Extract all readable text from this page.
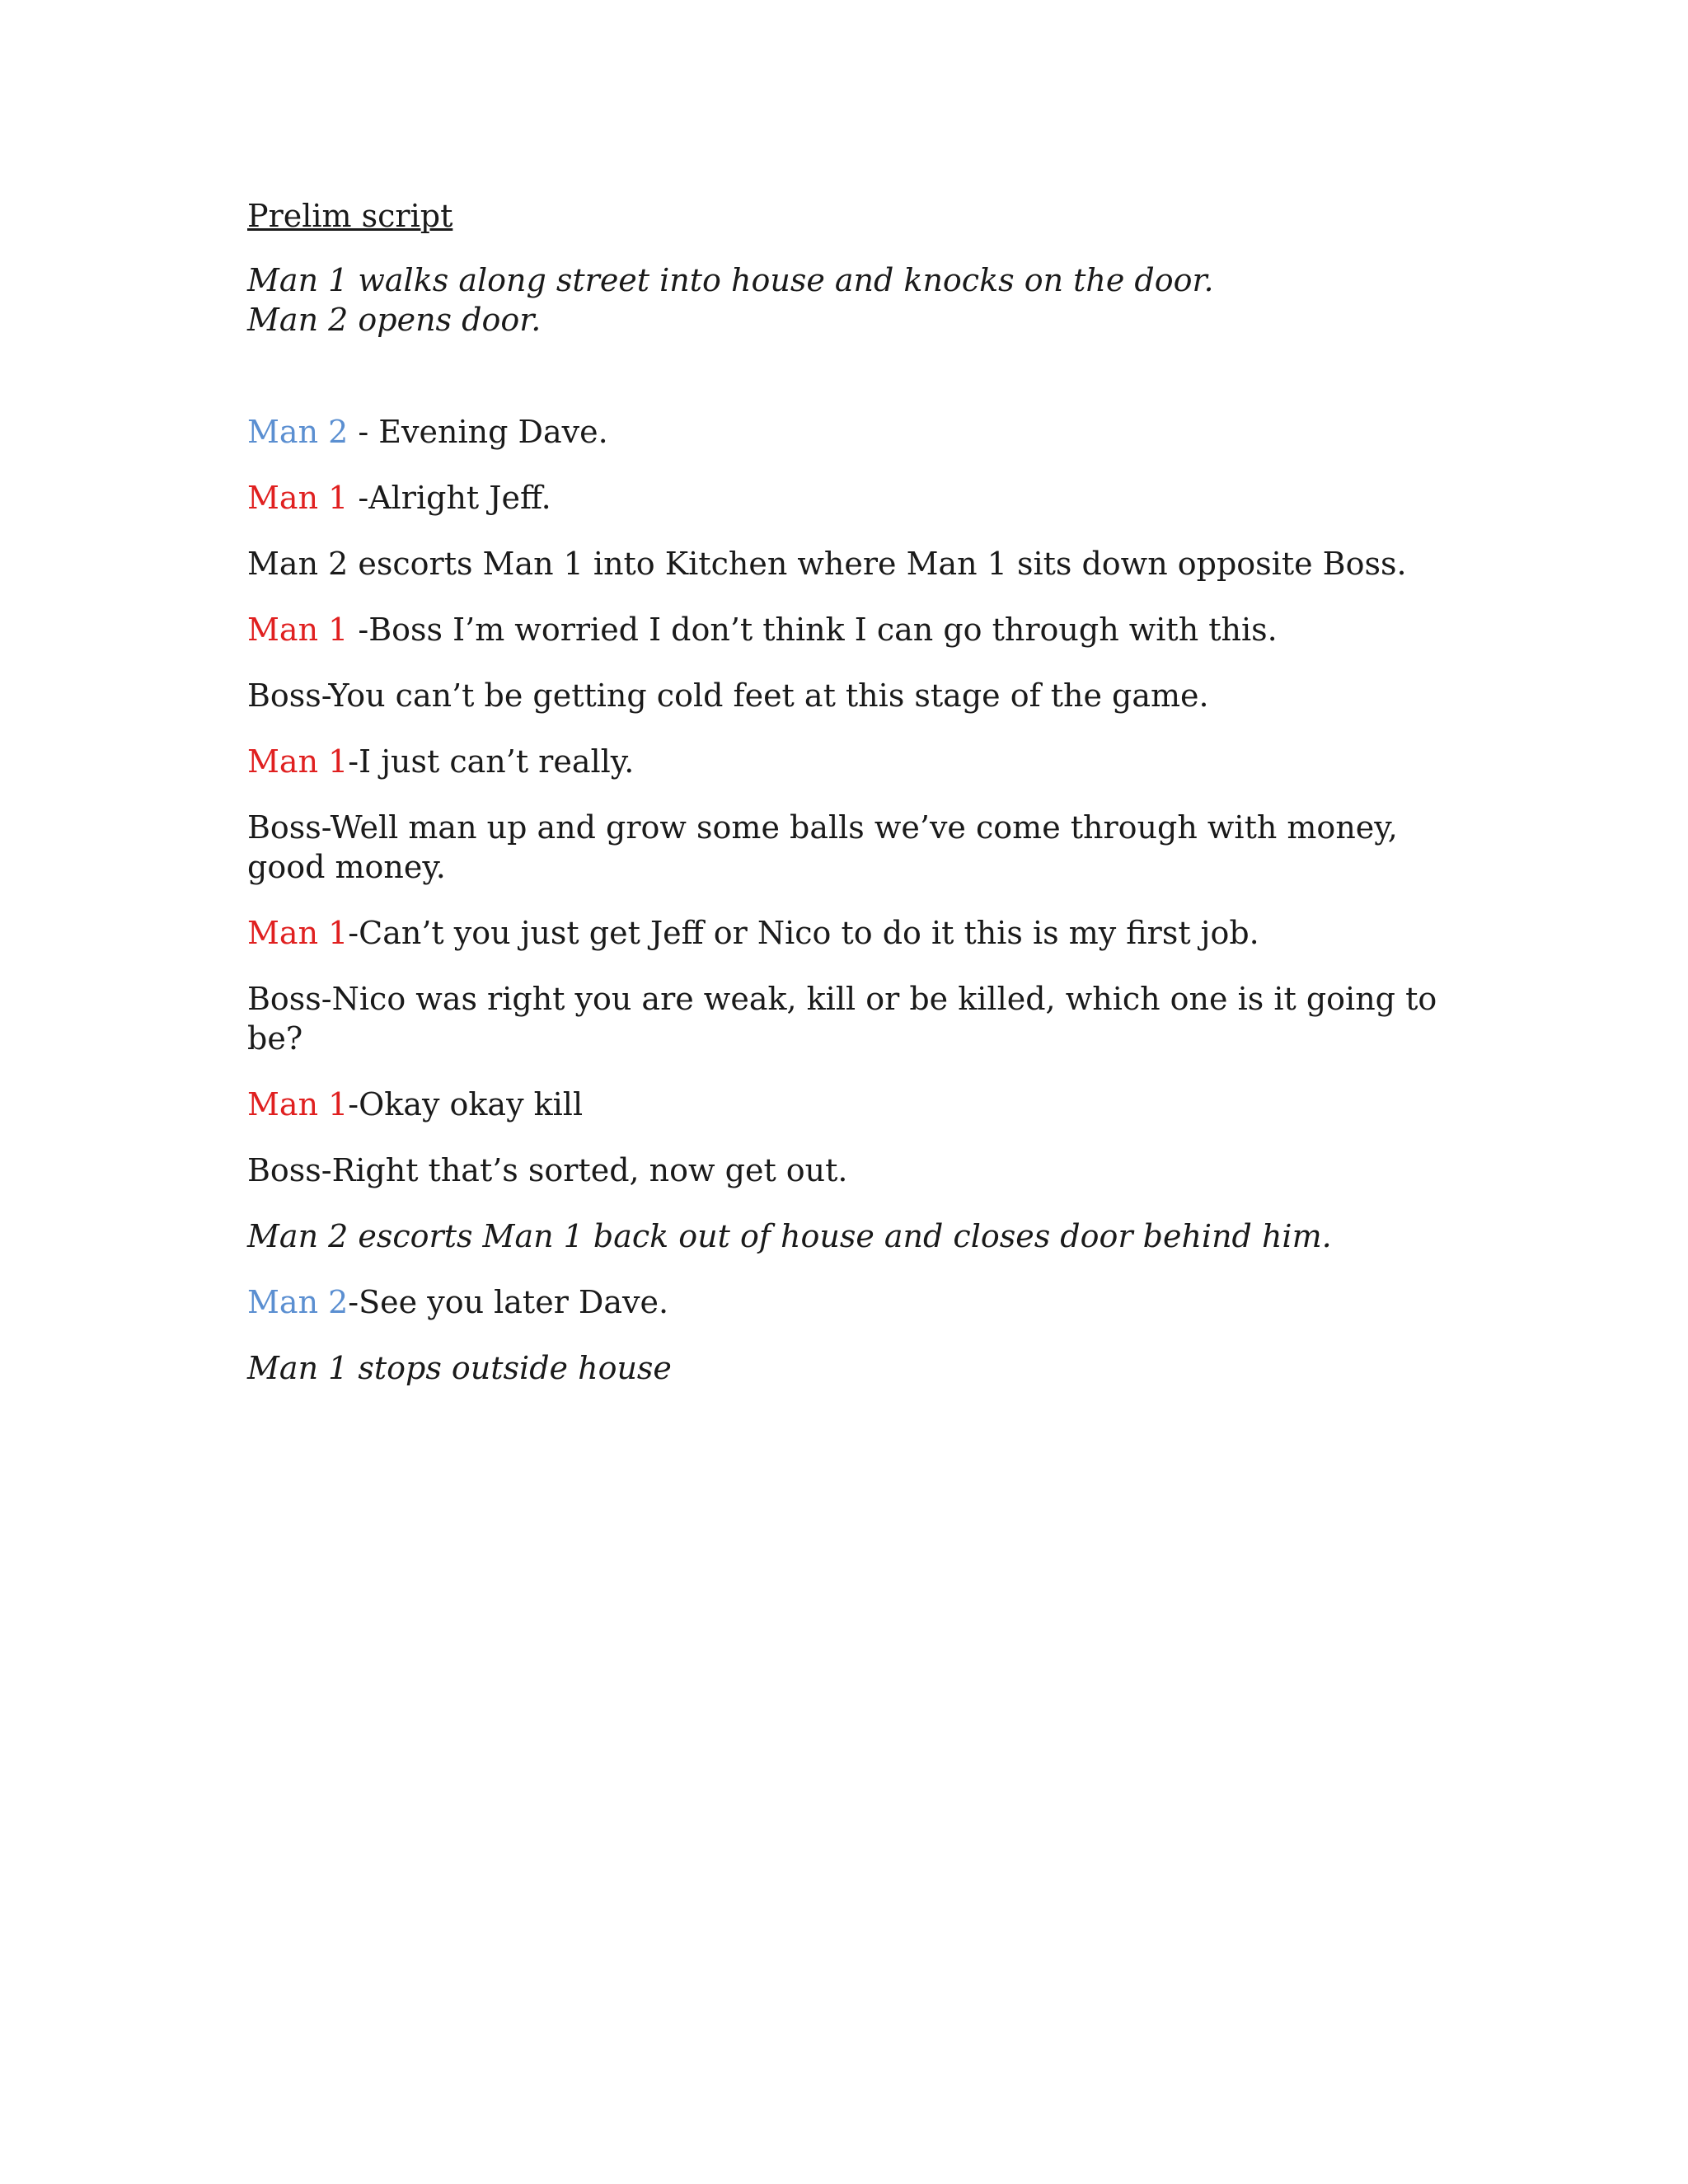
Prelim script

Man 1 walks along street into house and knocks on the door.

Man 2 opens door.

Man 2 - Evening Dave.

Man 1 -Alright Jeff.

Man 2 escorts Man 1 into Kitchen where Man 1 sits down opposite Boss.

Man 1 -Boss I’m worried I don’t think I can go through with this.

Boss-You can’t be getting cold feet at this stage of the game.

Man 1-I just can’t really.

Boss-Well man up and grow some balls we’ve come through with money, good money.

Man 1-Can’t you just get Jeff or Nico to do it this is my first job.

Boss-Nico was right you are weak, kill or be killed, which one is it going to be?

Man 1-Okay okay kill

Boss-Right that’s sorted, now get out.

Man 2 escorts Man 1 back out of house and closes door behind him.

Man 2-See you later Dave.

Man 1 stops outside house
